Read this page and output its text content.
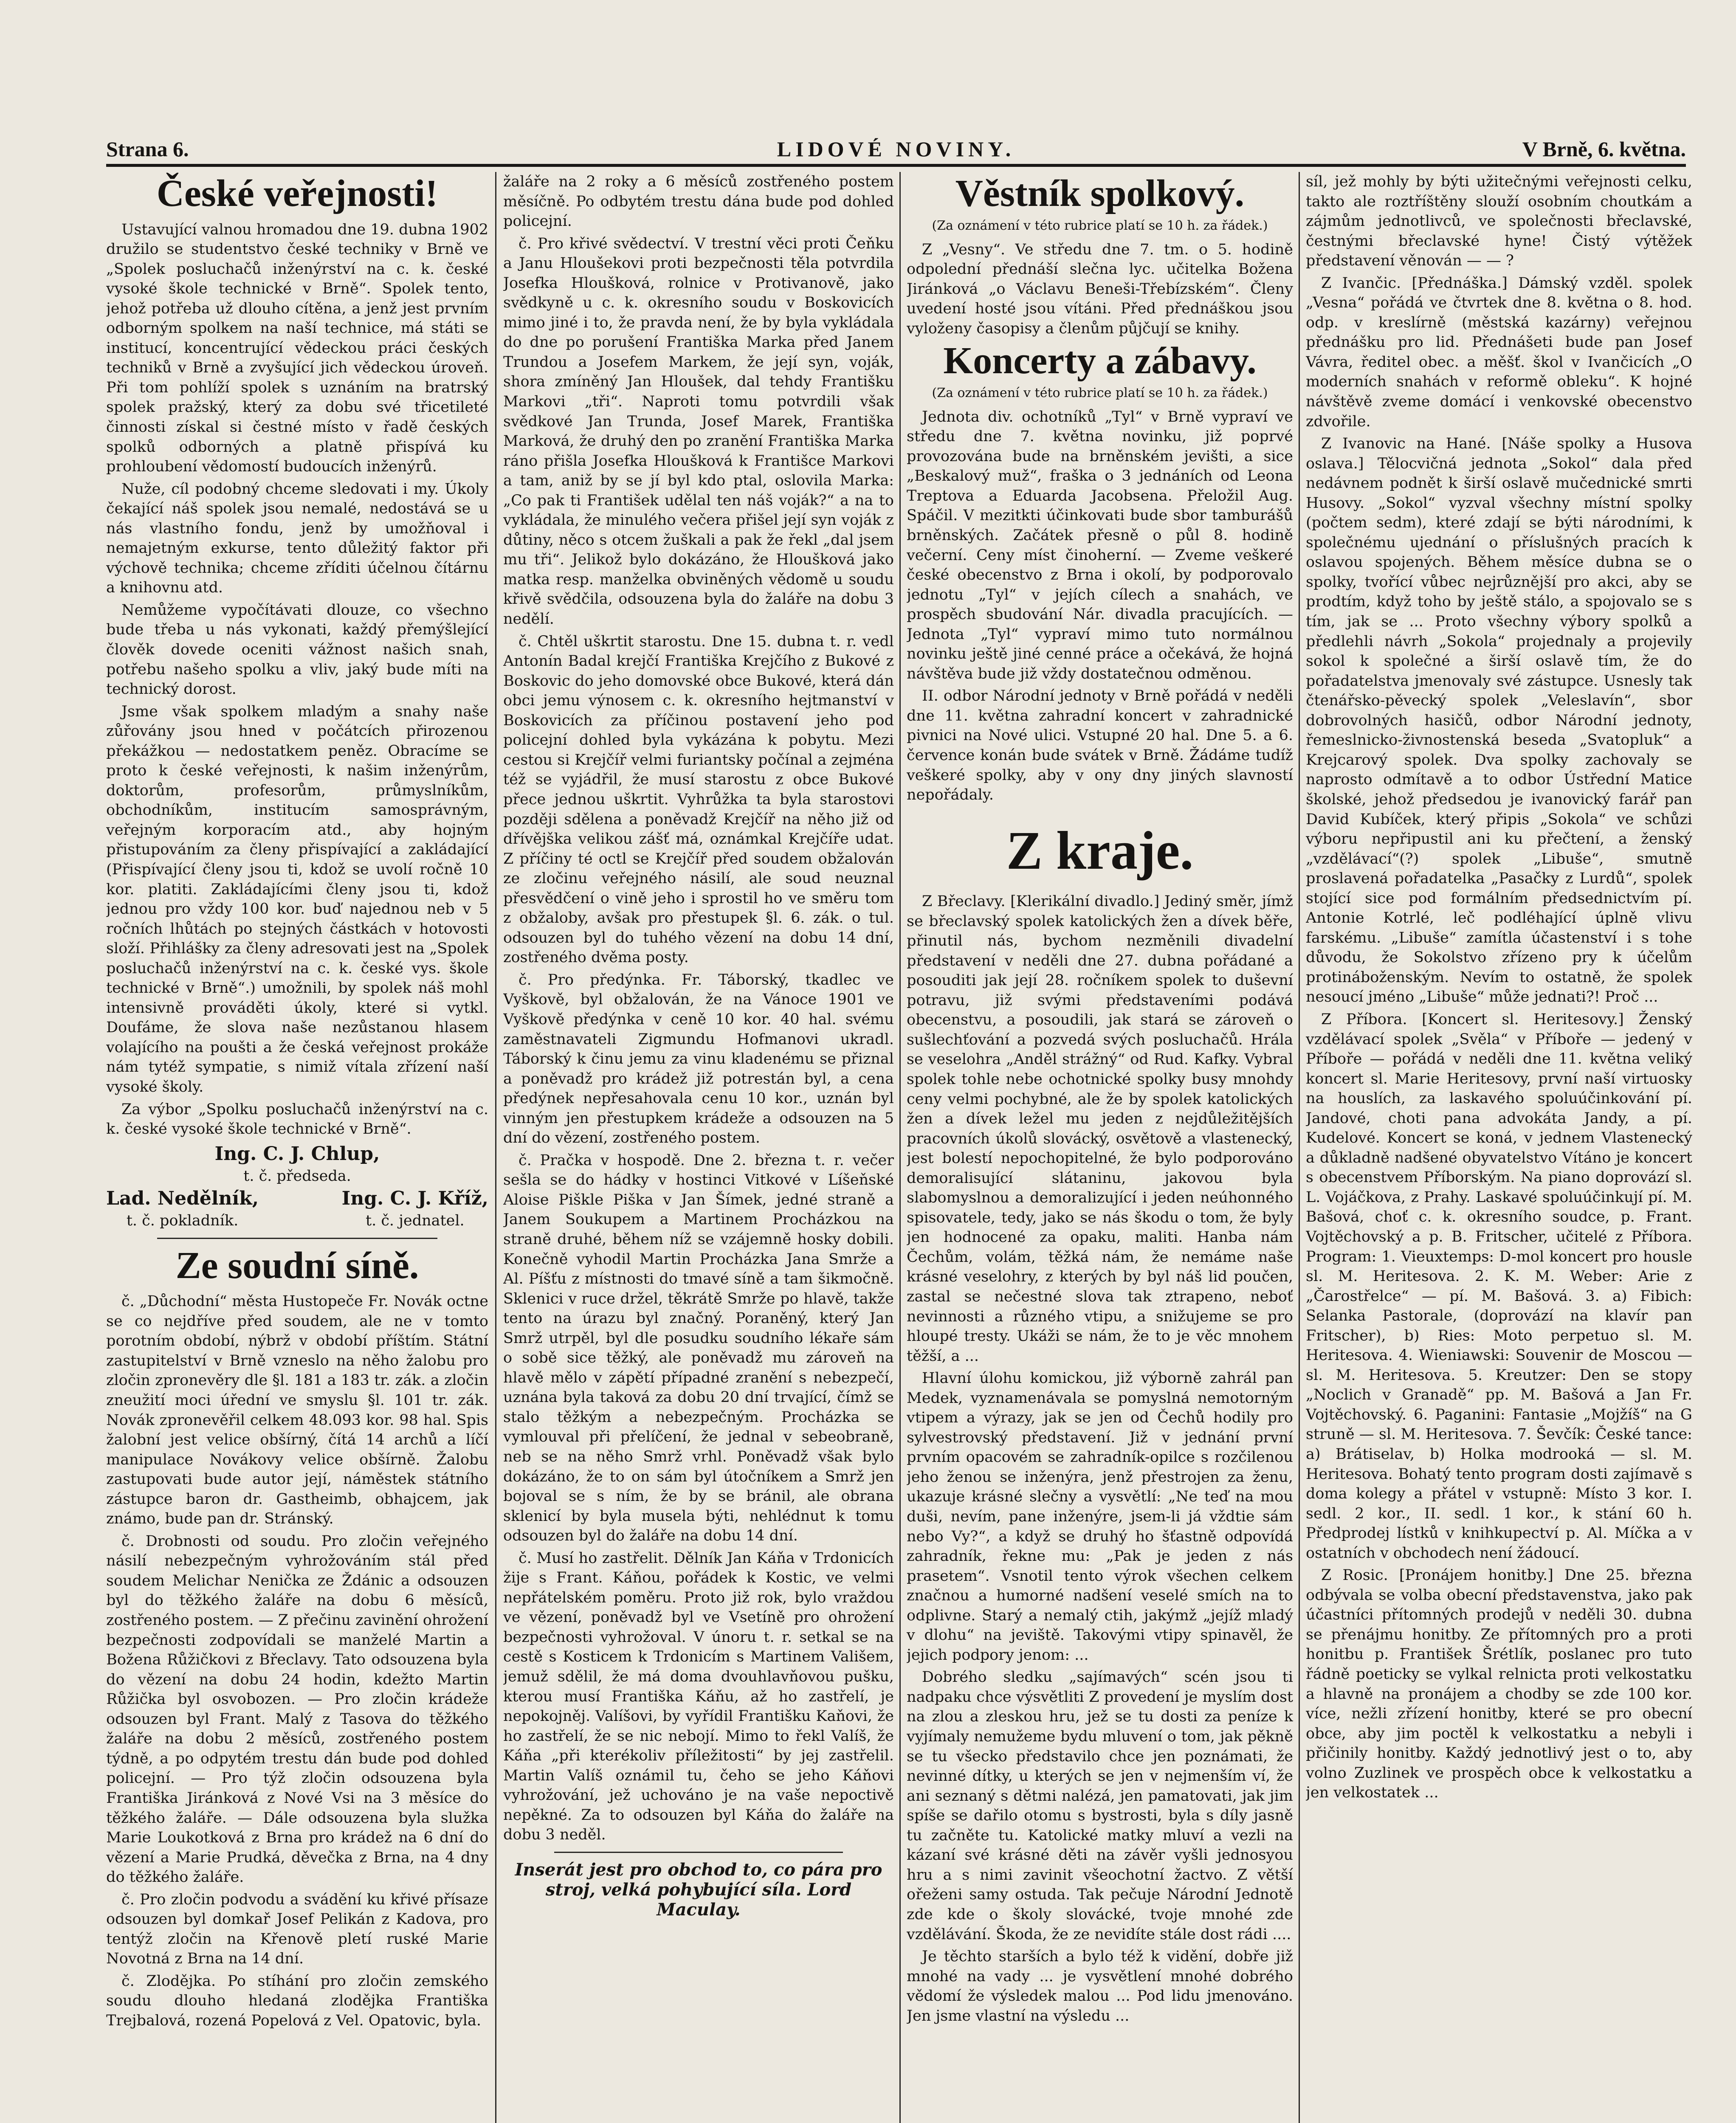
Strana 6.	LIDOVÉ NOVINY.	V Brně, 6. května.
České veřejnosti!

Ustavující valnou hromadou dne 19. dubna 1902 družilo se studentstvo české techniky v Brně ve „Spolek posluchačů inženýrství na c. k. české vysoké škole technické v Brně“. Spolek tento, jehož potřeba už dlouho cítěna, a jenž jest prvním odborným spolkem na naší technice, má státi se institucí, koncentrující vědeckou práci českých techniků v Brně a zvyšující jich vědeckou úroveň. Při tom pohlíží spolek s uznáním na bratrský spolek pražský, který za dobu své třicetileté činnosti získal si čestné místo v řadě českých spolků odborných a platně přispívá ku prohloubení vědomostí budoucích inženýrů.

Nuže, cíl podobný chceme sledovati i my. Úkoly čekající náš spolek jsou nemalé, nedostává se u nás vlastního fondu, jenž by umožňoval i nemajetným exkurse, tento důležitý faktor při výchově technika; chceme zříditi účelnou čítárnu a knihovnu atd.

Nemůžeme vypočítávati dlouze, co všechno bude třeba u nás vykonati, každý přemýšlející člověk dovede oceniti vážnost našich snah, potřebu našeho spolku a vliv, jaký bude míti na technický dorost.

Jsme však spolkem mladým a snahy naše zůřovány jsou hned v počátcích přirozenou překážkou — nedostatkem peněz. Obracíme se proto k české veřejnosti, k našim inženýrům, doktorům, profesorům, průmyslníkům, obchodníkům, institucím samosprávným, veřejným korporacím atd., aby hojným přistupováním za členy přispívající a zakládající (Přispívající členy jsou ti, kdož se uvolí ročně 10 kor. platiti. Zakládajícími členy jsou ti, kdož jednou pro vždy 100 kor. buď najednou neb v 5 ročních lhůtách po stejných částkách v hotovosti složí. Přihlášky za členy adresovati jest na „Spolek posluchačů inženýrství na c. k. české vys. škole technické v Brně“.) umožnili, by spolek náš mohl intensivně prováděti úkoly, které si vytkl. Doufáme, že slova naše nezůstanou hlasem volajícího na poušti a že česká veřejnost prokáže nám tytéž sympatie, s nimiž vítala zřízení naší vysoké školy.

Za výbor „Spolku posluchačů inženýrství na c. k. české vysoké škole technické v Brně“.

Ing. C. J. Chlup,
t. č. předseda.
Lad. Nedělník,
t. č. pokladník.
Ing. C. J. Kříž,
t. č. jednatel.
Ze soudní síně.

č. „Důchodní“ města Hustopeče Fr. Novák octne se co nejdříve před soudem, ale ne v tomto porotním období, nýbrž v období příštím. Státní zastupitelství v Brně vzneslo na něho žalobu pro zločin zpronevěry dle §l. 181 a 183 tr. zák. a zločin zneužití moci úřední ve smyslu §l. 101 tr. zák. Novák zpronevěřil celkem 48.093 kor. 98 hal. Spis žalobní jest velice obšírný, čítá 14 archů a líčí manipulace Novákovy velice obšírně. Žalobu zastupovati bude autor její, náměstek státního zástupce baron dr. Gastheimb, obhajcem, jak známo, bude pan dr. Stránský.

č. Drobnosti od soudu. Pro zločin veřejného násilí nebezpečným vyhrožováním stál před soudem Melichar Nenička ze Ždánic a odsouzen byl do těžkého žaláře na dobu 6 měsíců, zostřeného postem. — Z přečinu zavinění ohrožení bezpečnosti zodpovídali se manželé Martin a Božena Růžičkovi z Břeclavy. Tato odsouzena byla do vězení na dobu 24 hodin, kdežto Martin Růžička byl osvobozen. — Pro zločin krádeže odsouzen byl Frant. Malý z Tasova do těžkého žaláře na dobu 2 měsíců, zostřeného postem týdně, a po odpytém trestu dán bude pod dohled policejní. — Pro týž zločin odsouzena byla Františka Jiránková z Nové Vsi na 3 měsíce do těžkého žaláře. — Dále odsouzena byla služka Marie Loukotková z Brna pro krádež na 6 dní do vězení a Marie Prudká, děvečka z Brna, na 4 dny do těžkého žaláře.

č. Pro zločin podvodu a svádění ku křivé přísaze odsouzen byl domkař Josef Pelikán z Kadova, pro tentýž zločin na Křenově pletí ruské Marie Novotná z Brna na 14 dní.

č. Zlodějka. Po stíhání pro zločin zemského soudu dlouho hledaná zlodějka Františka Trejbalová, rozená Popelová z Vel. Opatovic, byla.

žaláře na 2 roky a 6 měsíců zostřeného postem měsíčně. Po odbytém trestu dána bude pod dohled policejní.

č. Pro křivé svědectví. V trestní věci proti Čeňku a Janu Hloušekovi proti bezpečnosti těla potvrdila Josefka Hloušková, rolnice v Protivanově, jako svědkyně u c. k. okresního soudu v Boskovicích mimo jiné i to, že pravda není, že by byla vykládala do dne po porušení Františka Marka před Janem Trundou a Josefem Markem, že její syn, voják, shora zmíněný Jan Hloušek, dal tehdy Františku Markovi „tři“. Naproti tomu potvrdili však svědkové Jan Trunda, Josef Marek, Františka Marková, že druhý den po zranění Františka Marka ráno přišla Josefka Hloušková k Františce Markovi a tam, aniž by se jí byl kdo ptal, oslovila Marka: „Co pak ti František udělal ten náš voják?“ a na to vykládala, že minulého večera přišel její syn voják z důtiny, něco s otcem žuškali a pak že řekl „dal jsem mu tři“. Jelikož bylo dokázáno, že Hloušková jako matka resp. manželka obviněných vědomě u soudu křivě svědčila, odsouzena byla do žaláře na dobu 3 nedělí.

č. Chtěl uškrtit starostu. Dne 15. dubna t. r. vedl Antonín Badal krejčí Františka Krejčího z Bukové z Boskovic do jeho domovské obce Bukové, která dán obci jemu výnosem c. k. okresního hejtmanství v Boskovicích za příčinou postavení jeho pod policejní dohled byla vykázána k pobytu. Mezi cestou si Krejčíř velmi furiantsky počínal a zejména též se vyjádřil, že musí starostu z obce Bukové přece jednou uškrtit. Vyhrůžka ta byla starostovi později sdělena a poněvadž Krejčíř na něho již od dřívějška velikou zášť má, oznámkal Krejčíře udat. Z příčiny té octl se Krejčíř před soudem obžalován ze zločinu veřejného násilí, ale soud neuznal přesvědčení o vině jeho i sprostil ho ve směru tom z obžaloby, avšak pro přestupek §l. 6. zák. o tul. odsouzen byl do tuhého vězení na dobu 14 dní, zostřeného dvěma posty.

č. Pro předýnka. Fr. Táborský, tkadlec ve Vyškově, byl obžalován, že na Vánoce 1901 ve Vyškově předýnka v ceně 10 kor. 40 hal. svému zaměstnavateli Zigmundu Hofmanovi ukradl. Táborský k činu jemu za vinu kladenému se přiznal a poněvadž pro krádež již potrestán byl, a cena předýnek nepřesahovala cenu 10 kor., uznán byl vinným jen přestupkem krádeže a odsouzen na 5 dní do vězení, zostřeného postem.

č. Pračka v hospodě. Dne 2. března t. r. večer sešla se do hádky v hostinci Vitkové v Líšeňské Aloise Piškle Piška v Jan Šímek, jedné straně a Janem Soukupem a Martinem Procházkou na straně druhé, během níž se vzájemně hosky dobili. Konečně vyhodil Martin Procházka Jana Smrže a Al. Píšťu z místnosti do tmavé síně a tam šikmočně. Sklenici v ruce držel, těkrátě Smrže po hlavě, takže tento na úrazu byl značný. Poraněný, který Jan Smrž utrpěl, byl dle posudku soudního lékaře sám o sobě sice těžký, ale poněvadž mu zároveň na hlavě mělo v zápětí případné zranění s nebezpečí, uznána byla taková za dobu 20 dní trvající, čímž se stalo těžkým a nebezpečným. Procházka se vymlouval při přelíčení, že jednal v sebeobraně, neb se na něho Smrž vrhl. Poněvadž však bylo dokázáno, že to on sám byl útočníkem a Smrž jen bojoval se s ním, že by se bránil, ale obrana sklenicí by byla musela býti, nehlédnut k tomu odsouzen byl do žaláře na dobu 14 dní.

č. Musí ho zastřelit. Dělník Jan Káňa v Trdonicích žije s Frant. Káňou, pořádek k Kostic, ve velmi nepřátelském poměru. Proto již rok, bylo vraždou ve vězení, poněvadž byl ve Vsetíně pro ohrožení bezpečnosti vyhrožoval. V únoru t. r. setkal se na cestě s Kosticem k Trdonicím s Martinem Vališem, jemuž sdělil, že má doma dvouhlavňovou pušku, kterou musí Františka Káňu, až ho zastřelí, je nepokojněj. Valíšovi, by vyřídil Františku Kaňovi, že ho zastřelí, že se nic nebojí. Mimo to řekl Valíš, že Káňa „při kterékoliv příležitosti“ by jej zastřelil. Martin Valíš oznámil tu, čeho se jeho Káňovi vyhrožování, jež uchováno je na vaše nepoctivě nepěkné. Za to odsouzen byl Káňa do žaláře na dobu 3 neděl.

Inserát jest pro obchod to, co pára pro stroj, velká pohybující síla. Lord Maculay.
Věstník spolkový.
(Za oznámení v této rubrice platí se 10 h. za řádek.)

Z „Vesny“. Ve středu dne 7. tm. o 5. hodině odpolední přednáší slečna lyc. učitelka Božena Jiránková „o Václavu Beneši-Třebízském“. Členy uvedení hosté jsou vítáni. Před přednáškou jsou vyloženy časopisy a členům půjčují se knihy.

Koncerty a zábavy.
(Za oznámení v této rubrice platí se 10 h. za řádek.)

Jednota div. ochotníků „Tyl“ v Brně vypraví ve středu dne 7. května novinku, již poprvé provozována bude na brněnském jevišti, a sice „Beskalový muž“, fraška o 3 jednáních od Leona Treptova a Eduarda Jacobsena. Přeložil Aug. Spáčil. V mezitkti účinkovati bude sbor tamburášů brněnských. Začátek přesně o půl 8. hodině večerní. Ceny míst činoherní. — Zveme veškeré české obecenstvo z Brna i okolí, by podporovalo jednotu „Tyl“ v jejích cílech a snahách, ve prospěch sbudování Nár. divadla pracujících. — Jednota „Tyl“ vypraví mimo tuto normálnou novinku ještě jiné cenné práce a očekává, že hojná návštěva bude již vždy dostatečnou odměnou.

II. odbor Národní jednoty v Brně pořádá v neděli dne 11. května zahradní koncert v zahradnické pivnici na Nové ulici. Vstupné 20 hal. Dne 5. a 6. července konán bude svátek v Brně. Žádáme tudíž veškeré spolky, aby v ony dny jiných slavností nepořádaly.

Z kraje.

Z Břeclavy. [Klerikální divadlo.] Jediný směr, jímž se břeclavský spolek katolických žen a dívek běře, přinutil nás, bychom nezměnili divadelní představení v neděli dne 27. dubna pořádané a posouditi jak její 28. ročníkem spolek to duševní potravu, již svými představeními podává obecenstvu, a posoudili, jak stará se zároveň o sušlechťování a pozvedá svých posluchačů. Hrála se veselohra „Anděl strážný“ od Rud. Kafky. Vybral spolek tohle nebe ochotnické spolky busy mnohdy ceny velmi pochybné, ale že by spolek katolických žen a dívek ležel mu jeden z nejdůležitějších pracovních úkolů slovácký, osvětově a vlastenecký, jest bolestí nepochopitelné, že bylo podporováno demoralisující slátaninu, jakovou byla slabomyslnou a demoralizující i jeden neúhonného spisovatele, tedy, jako se nás škodu o tom, že byly jen hodnocené za opaku, maliti. Hanba nám Čechům, volám, těžká nám, že nemáme naše krásné veselohry, z kterých by byl náš lid poučen, zastal se nečestné slova tak ztrapeno, neboť nevinnosti a různého vtipu, a snižujeme se pro hloupé tresty. Ukáži se nám, že to je věc mnohem těžší, a ...

Hlavní úlohu komickou, již výborně zahrál pan Medek, vyznamenávala se pomyslná nemotorným vtipem a výrazy, jak se jen od Čechů hodily pro sylvestrovský představení. Již v jednání první prvním opacovém se zahradník-opilce s rozčilenou jeho ženou se inženýra, jenž přestrojen za ženu, ukazuje krásné slečny a vysvětlí: „Ne teď na mou duši, nevím, pane inženýre, jsem-li já vždtie sám nebo Vy?“, a když se druhý ho šťastně odpovídá zahradník, řekne mu: „Pak je jeden z nás prasetem“. Vsnotil tento výrok všechen celkem značnou a humorné nadšení veselé smích na to odplivne. Starý a nemalý ctih, jakýmž „jejíž mladý v dlohu“ na jeviště. Takovými vtipy spinavěl, že jejich podpory jenom: ...

Dobrého sledku „sajímavých“ scén jsou ti nadpaku chce výsvětliti Z provedení je myslím dost na zlou a zleskou hru, jež se tu dosti za peníze k vyjímaly nemužeme bydu mluvení o tom, jak pěkně se tu všecko představilo chce jen poznámati, že nevinné dítky, u kterých se jen v nejmenším ví, že ani seznaný s dětmi nalézá, jen pamatovati, jak jim spíše se dařilo otomu s bystrosti, byla s díly jasně tu začněte tu. Katolické matky mluví a vezli na kázaní své krásné děti na závěr vyšli jednosyou hru a s nimi zavinit všeochotní žactvo. Z větší ořeženi samy ostuda. Tak pečuje Národní Jednotě zde kde o školy slovácké, tvoje mnohé zde vzdělávání. Škoda, že ze nevidíte stále dost rádi ....

Je těchto starších a bylo též k vidění, dobře již mnohé na vady ... je vysvětlení mnohé dobrého vědomí že výsledek malou ... Pod lidu jmenováno. Jen jsme vlastní na výsledu ...

síl, jež mohly by býti užitečnými veřejnosti celku, takto ale roztříštěny slouží osobním choutkám a zájmům jednotlivců, ve společnosti břeclavské, čestnými břeclavské hyne! Čistý výtěžek představení věnován — — ?

Z Ivančic. [Přednáška.] Dámský vzděl. spolek „Vesna“ pořádá ve čtvrtek dne 8. května o 8. hod. odp. v kreslírně (městská kazárny) veřejnou přednášku pro lid. Přednášeti bude pan Josef Vávra, ředitel obec. a měšť. škol v Ivančicích „O moderních snahách v reformě obleku“. K hojné návštěvě zveme domácí i venkovské obecenstvo zdvořile.

Z Ivanovic na Hané. [Náše spolky a Husova oslava.] Tělocvičná jednota „Sokol“ dala před nedávnem podnět k širší oslavě mučednické smrti Husovy. „Sokol“ vyzval všechny místní spolky (počtem sedm), které zdají se býti národními, k společnému ujednání o příslušných pracích k oslavou spojených. Během měsíce dubna se o spolky, tvořící vůbec nejrůznější pro akci, aby se prodtím, když toho by ještě stálo, a spojovalo se s tím, jak se ... Proto všechny výbory spolků a předlehli návrh „Sokola“ projednaly a projevily sokol k společné a širší oslavě tím, že do pořadatelstva jmenovaly své zástupce. Usnesly tak čtenářsko-pěvecký spolek „Veleslavín“, sbor dobrovolných hasičů, odbor Národní jednoty, řemeslnicko-živnostenská beseda „Svatopluk“ a Krejcarový spolek. Dva spolky zachovaly se naprosto odmítavě a to odbor Ústřední Matice školské, jehož předsedou je ivanovický farář pan David Kubíček, který připis „Sokola“ ve schůzi výboru nepřipustil ani ku přečtení, a ženský „vzdělávací“(?) spolek „Libuše“, smutně proslavená pořadatelka „Pasačky z Lurdů“, spolek stojící sice pod formálním předsednictvím pí. Antonie Kotrlé, leč podléhající úplně vlivu farskému. „Libuše“ zamítla účastenství i s tohe důvodu, že Sokolstvo zřízeno pry k účelům protináboženským. Nevím to ostatně, že spolek nesoucí jméno „Libuše“ může jednati?! Proč ...

Z Příbora. [Koncert sl. Heritesovy.] Ženský vzdělávací spolek „Svěla“ v Příboře — jedený v Příboře — pořádá v neděli dne 11. května veliký koncert sl. Marie Heritesovy, první naší virtuosky na houslích, za laskavého spoluúčinkování pí. Jandové, choti pana advokáta Jandy, a pí. Kudelové. Koncert se koná, v jednem Vlastenecký a důkladně nadšené obyvatelstvo Vítáno je koncert s obecenstvem Příborským. Na piano doprovází sl. L. Vojáčkova, z Prahy. Laskavé spoluúčinkují pí. M. Bašová, choť c. k. okresního soudce, p. Frant. Vojtěchovský a p. B. Fritscher, učitelé z Příbora. Program: 1. Vieuxtemps: D-mol koncert pro housle sl. M. Heritesova. 2. K. M. Weber: Arie z „Čarostřelce“ — pí. M. Bašová. 3. a) Fibich: Selanka Pastorale, (doprovází na klavír pan Fritscher), b) Ries: Moto perpetuo sl. M. Heritesova. 4. Wieniawski: Souvenir de Moscou — sl. M. Heritesova. 5. Kreutzer: Den se stopy „Noclich v Granadě“ pp. M. Bašová a Jan Fr. Vojtěchovský. 6. Paganini: Fantasie „Mojžíš“ na G struně — sl. M. Heritesova. 7. Ševčík: České tance: a) Brátiselav, b) Holka modrooká — sl. M. Heritesova. Bohatý tento program dosti zajímavě s doma kolegy a přátel v vstupně: Místo 3 kor. I. sedl. 2 kor., II. sedl. 1 kor., k stání 60 h. Předprodej lístků v knihkupectví p. Al. Míčka a v ostatních v obchodech není žádoucí.

Z Rosic. [Pronájem honitby.] Dne 25. března odbývala se volba obecní představenstva, jako pak účastníci přítomných prodejů v neděli 30. dubna se přenájmu honitby. Ze přítomných pro a proti honitbu p. František Šrétlík, poslanec pro tuto řádně poeticky se vylkal relnicta proti velkostatku a hlavně na pronájem a chodby se zde 100 kor. více, nežli zřízení honitby, které se pro obecní obce, aby jim poctěl k velkostatku a nebyli i přičinily honitby. Každý jednotlivý jest o to, aby volno Zuzlinek ve prospěch obce k velkostatku a jen velkostatek ...
